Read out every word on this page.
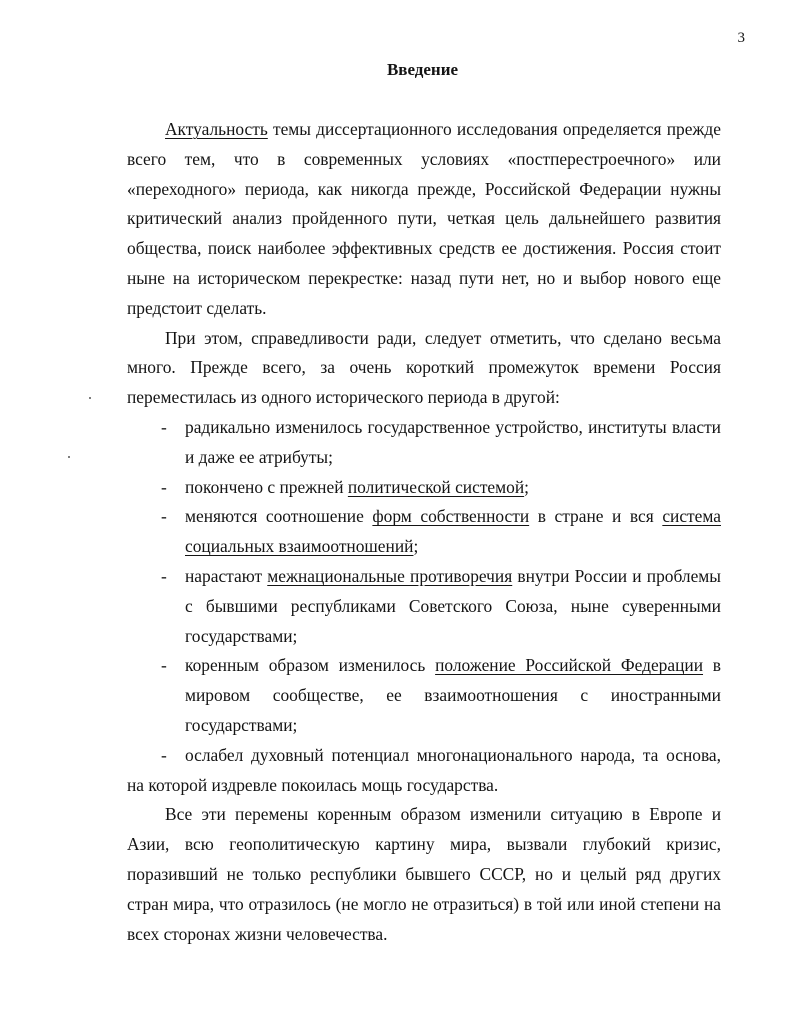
3
Введение

Актуальность темы диссертационного исследования определяется прежде всего тем, что в современных условиях «постперестроечного» или «переходного» периода, как никогда прежде, Российской Федерации нужны критический анализ пройденного пути, четкая цель дальнейшего развития общества, поиск наиболее эффективных средств ее достижения. Россия стоит ныне на историческом перекрестке: назад пути нет, но и выбор нового еще предстоит сделать.

При этом, справедливости ради, следует отметить, что сделано весьма много. Прежде всего, за очень короткий промежуток времени Россия переместилась из одного исторического периода в другой:

- радикально изменилось государственное устройство, институты власти и даже ее атрибуты;
- покончено с прежней политической системой;
- меняются соотношение форм собственности в стране и вся система социальных взаимоотношений;
- нарастают межнациональные противоречия внутри России и проблемы с бывшими республиками Советского Союза, ныне суверенными государствами;
- коренным образом изменилось положение Российской Федерации в мировом сообществе, ее взаимоотношения с иностранными государствами;
- ослабел духовный потенциал многонационального народа, та основа, на которой издревле покоилась мощь государства.

Все эти перемены коренным образом изменили ситуацию в Европе и Азии, всю геополитическую картину мира, вызвали глубокий кризис, поразивший не только республики бывшего СССР, но и целый ряд других стран мира, что отразилось (не могло не отразиться) в той или иной степени на всех сторонах жизни человечества.
